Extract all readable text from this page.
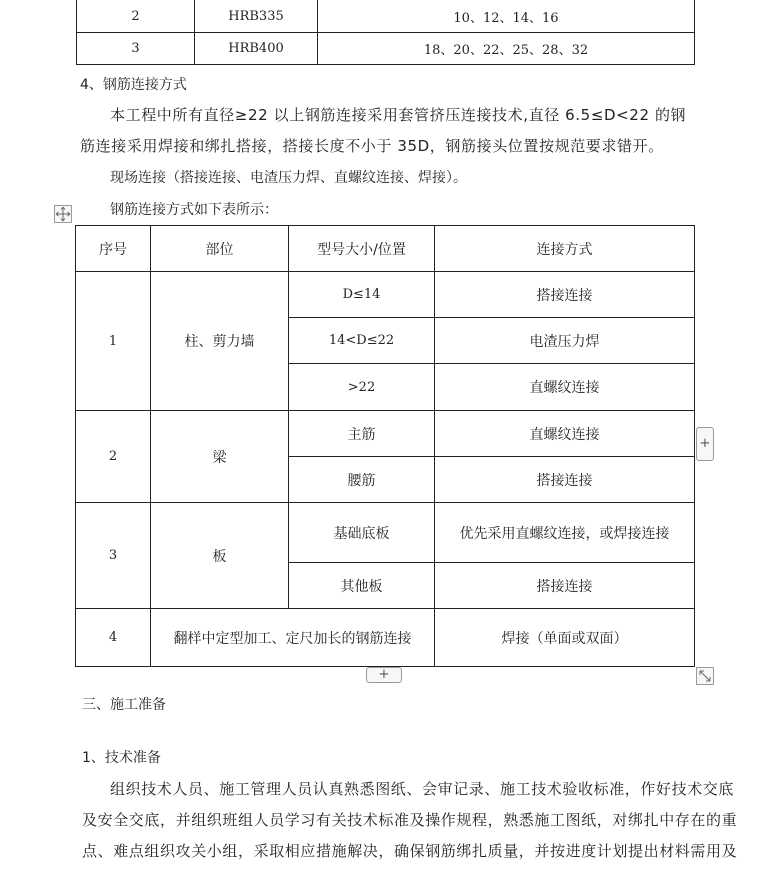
2	HRB335	10、12、14、16
3	HRB400	18、20、22、25、28、32
4、钢筋连接方式
本工程中所有直径≥22 以上钢筋连接采用套管挤压连接技术,直径 6.5≤D<22 的钢
筋连接采用焊接和绑扎搭接，搭接长度不小于 35D，钢筋接头位置按规范要求错开。
现场连接（搭接连接、电渣压力焊、直螺纹连接、焊接）。
钢筋连接方式如下表所示：
序号	部位	型号大小/位置	连接方式
1	柱、剪力墙	D≤14	搭接连接
		14<D≤22	电渣压力焊
		>22	直螺纹连接
2	梁	主筋	直螺纹连接
		腰筋	搭接连接
3	板	基础底板	优先采用直螺纹连接，或焊接连接
		其他板	搭接连接
4	翻样中定型加工、定尺加长的钢筋连接		焊接（单面或双面）
+
+
三、施工准备
1、技术准备
组织技术人员、施工管理人员认真熟悉图纸、会审记录、施工技术验收标准，作好技术交底
及安全交底，并组织班组人员学习有关技术标准及操作规程，熟悉施工图纸，对绑扎中存在的重
点、难点组织攻关小组，采取相应措施解决，确保钢筋绑扎质量，并按进度计划提出材料需用及
